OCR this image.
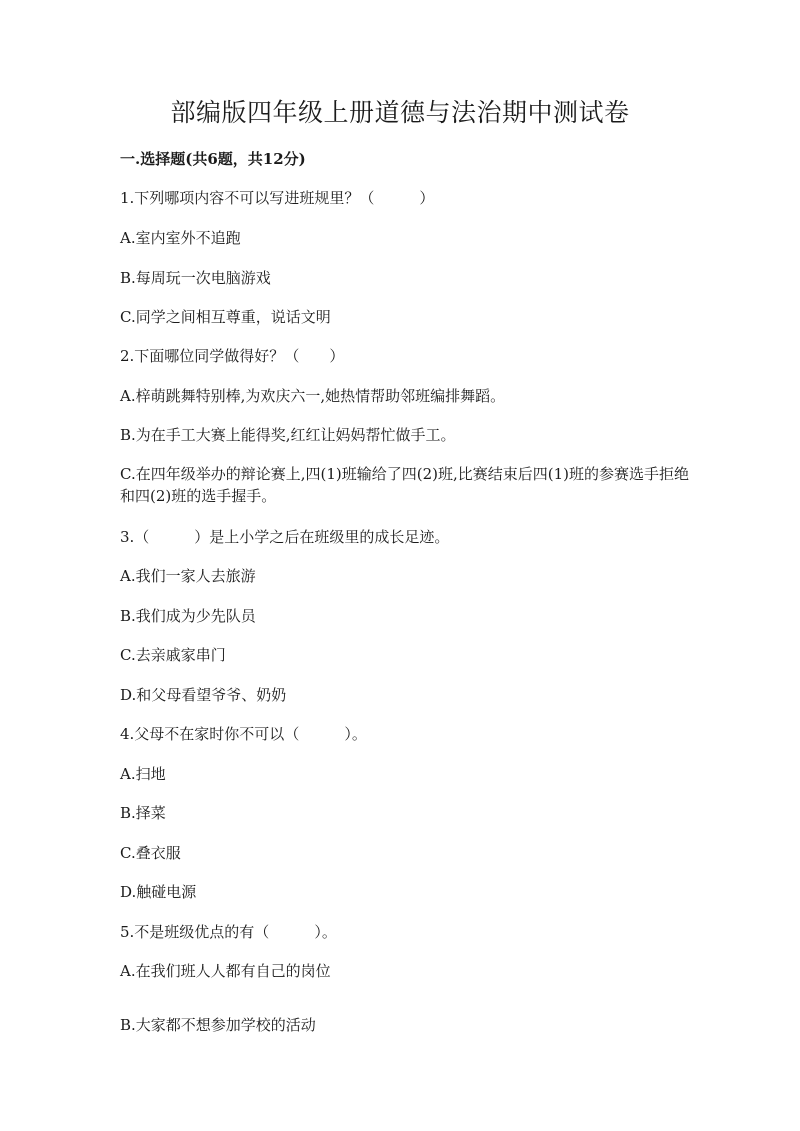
部编版四年级上册道德与法治期中测试卷

一.选择题(共6题，共12分)

1.下列哪项内容不可以写进班规里？（　　　）

A.室内室外不追跑

B.每周玩一次电脑游戏

C.同学之间相互尊重，说话文明

2.下面哪位同学做得好？（　　）

A.梓萌跳舞特别棒,为欢庆六一,她热情帮助邻班编排舞蹈。

B.为在手工大赛上能得奖,红红让妈妈帮忙做手工。

C.在四年级举办的辩论赛上,四(1)班输给了四(2)班,比赛结束后四(1)班的参赛选手拒绝和四(2)班的选手握手。

3.（　　　）是上小学之后在班级里的成长足迹。

A.我们一家人去旅游

B.我们成为少先队员

C.去亲戚家串门

D.和父母看望爷爷、奶奶

4.父母不在家时你不可以（　　　）。

A.扫地

B.择菜

C.叠衣服

D.触碰电源

5.不是班级优点的有（　　　）。

A.在我们班人人都有自己的岗位

B.大家都不想参加学校的活动
